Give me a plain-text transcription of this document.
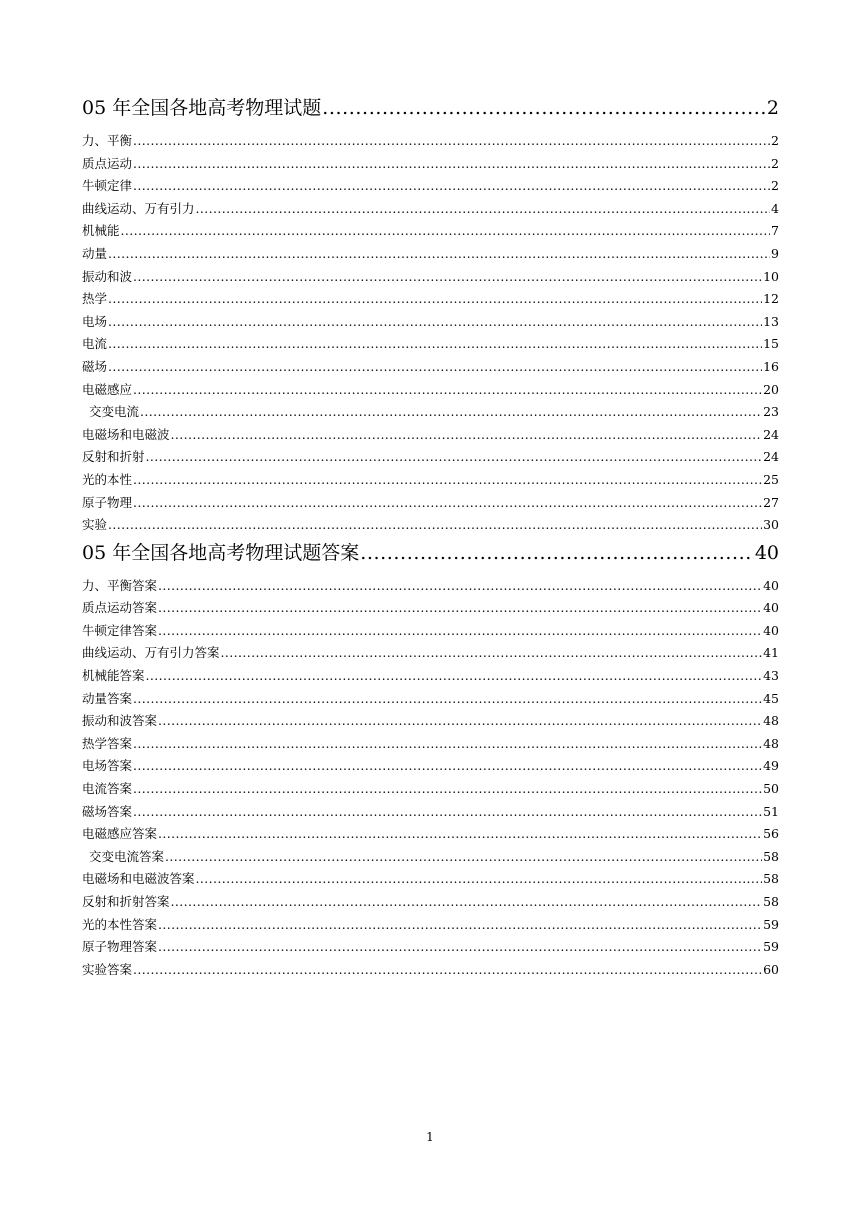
05 年全国各地高考物理试题 .....	2
力、平衡 .....	2
质点运动 .....	2
牛顿定律 .....	2
曲线运动、万有引力 .....	4
机械能 .....	7
动量 .....	9
振动和波 .....	10
热学 .....	12
电场 .....	13
电流 .....	15
磁场 .....	16
电磁感应 .....	20
交变电流 .....	23
电磁场和电磁波 .....	24
反射和折射 .....	24
光的本性 .....	25
原子物理 .....	27
实验 .....	30
05 年全国各地高考物理试题答案 .....	40
力、平衡答案 .....	40
质点运动答案 .....	40
牛顿定律答案 .....	40
曲线运动、万有引力答案 .....	41
机械能答案 .....	43
动量答案 .....	45
振动和波答案 .....	48
热学答案 .....	48
电场答案 .....	49
电流答案 .....	50
磁场答案 .....	51
电磁感应答案 .....	56
交变电流答案 .....	58
电磁场和电磁波答案 .....	58
反射和折射答案 .....	58
光的本性答案 .....	59
原子物理答案 .....	59
实验答案 .....	60
1
